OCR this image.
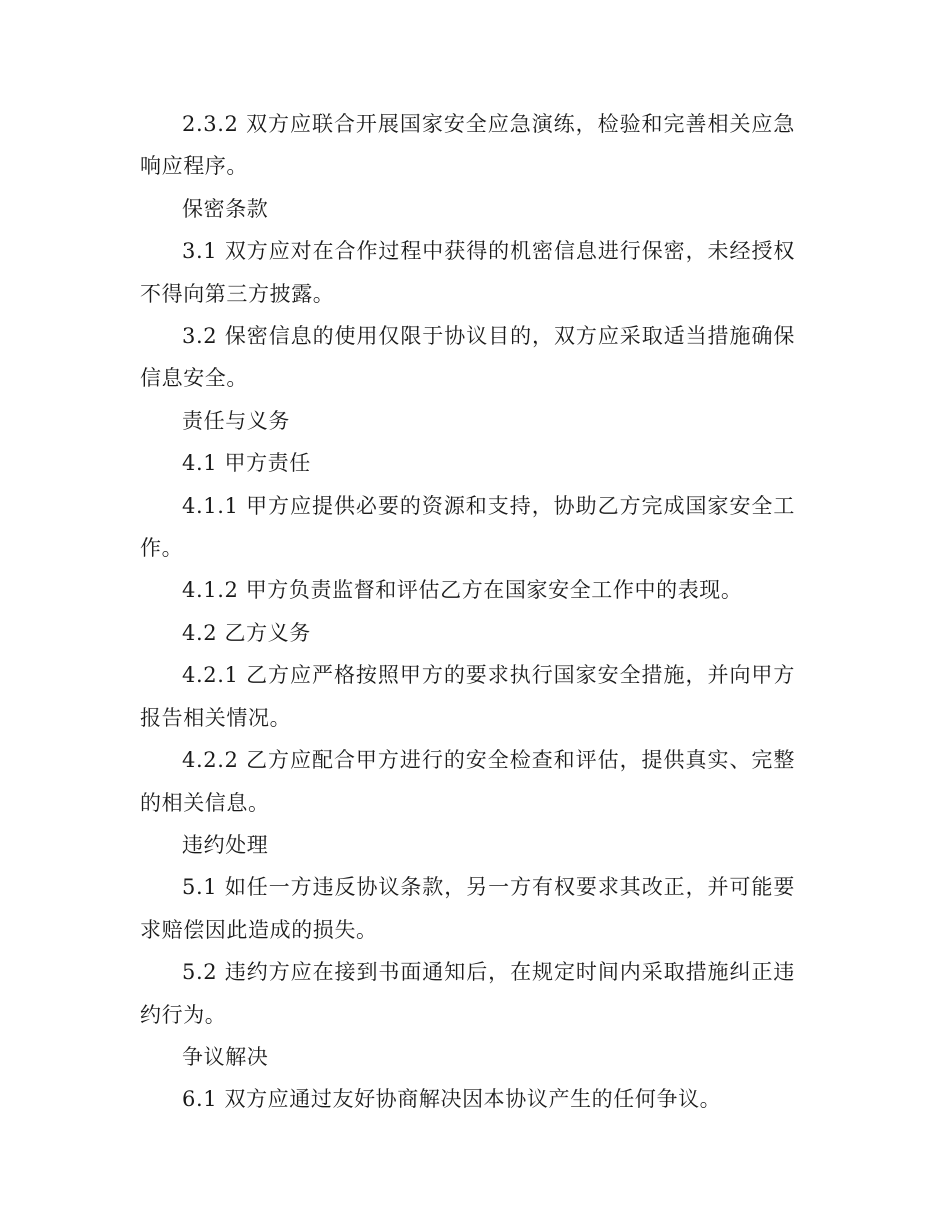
2.3.2 双方应联合开展国家安全应急演练，检验和完善相关应急响应程序。

保密条款

3.1 双方应对在合作过程中获得的机密信息进行保密，未经授权不得向第三方披露。

3.2 保密信息的使用仅限于协议目的，双方应采取适当措施确保信息安全。

责任与义务

4.1 甲方责任

4.1.1 甲方应提供必要的资源和支持，协助乙方完成国家安全工作。

4.1.2 甲方负责监督和评估乙方在国家安全工作中的表现。

4.2 乙方义务

4.2.1 乙方应严格按照甲方的要求执行国家安全措施，并向甲方报告相关情况。

4.2.2 乙方应配合甲方进行的安全检查和评估，提供真实、完整的相关信息。

违约处理

5.1 如任一方违反协议条款，另一方有权要求其改正，并可能要求赔偿因此造成的损失。

5.2 违约方应在接到书面通知后，在规定时间内采取措施纠正违约行为。

争议解决

6.1 双方应通过友好协商解决因本协议产生的任何争议。
